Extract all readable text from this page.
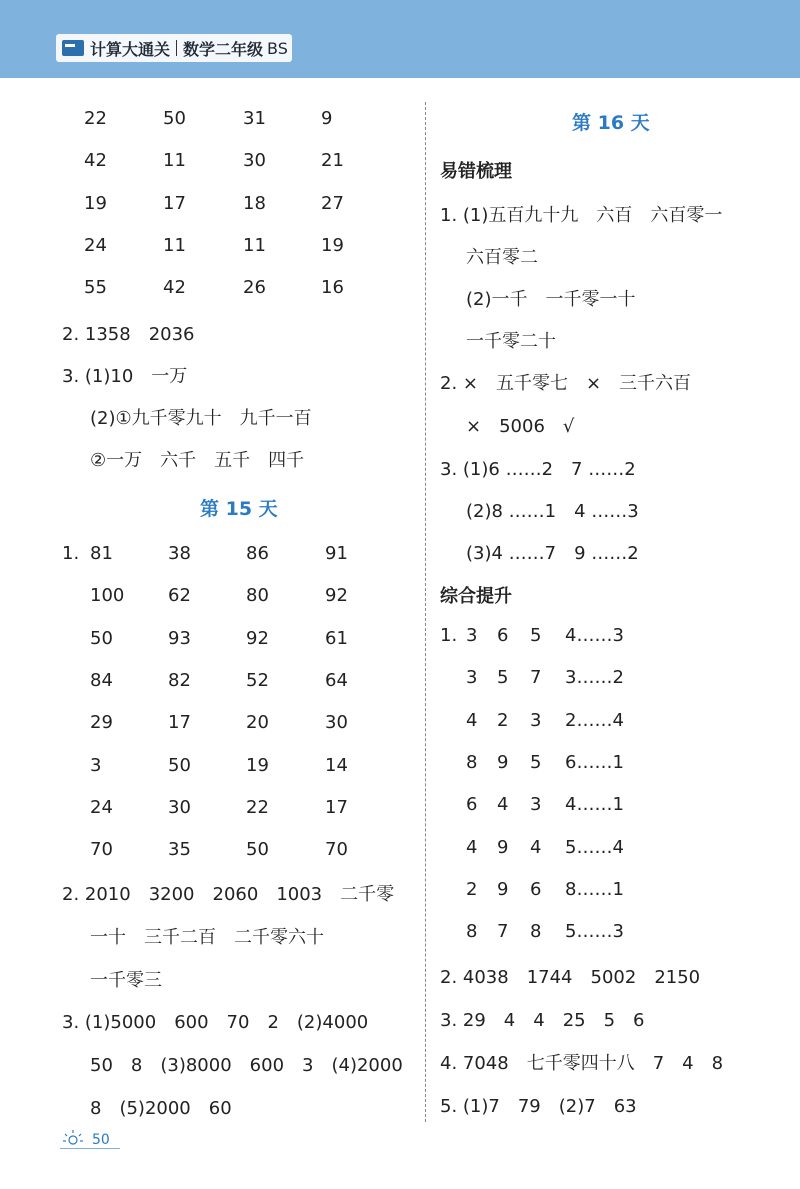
计算大通关 数学二年级 BS
22	50	31	9
42	11	30	21
19	17	18	27
24	11	11	19
55	42	26	16
2. 1358　2036
3. (1)10　一万
(2)①九千零九十　九千一百
②一万　六千　五千　四千
第 15 天
1. 81	38	86	91
100 62	80	92
50	93	92	61
84	82	52	64
29	17	20	30
3	50	19	14
24	30	22	17
70	35	50	70
2. 2010　3200　2060　1003　二千零
一十　三千二百　二千零六十
一千零三
3. (1)5000　600　70　2　(2)4000
50　8　(3)8000　600　3　(4)2000
8　(5)2000　60
第 16 天
易错梳理
1. (1)五百九十九　六百　六百零一
六百零二
(2)一千　一千零一十
一千零二十
2. ×　五千零七　×　三千六百
×　5006　√
3. (1)6 ……2　7 ……2
(2)8 ……1　4 ……3
(3)4 ……7　9 ……2
综合提升
1. 3 6 5 4……3
3 5 7 3……2
4 2 3 2……4
8 9 5 6……1
6 4 3 4……1
4 9 4 5……4
2 9 6 8……1
8 7 8 5……3
2. 4038　1744　5002　2150
3. 29　4　4　25　5　6
4. 7048　七千零四十八　7　4　8
5. (1)7　79　(2)7　63
50
